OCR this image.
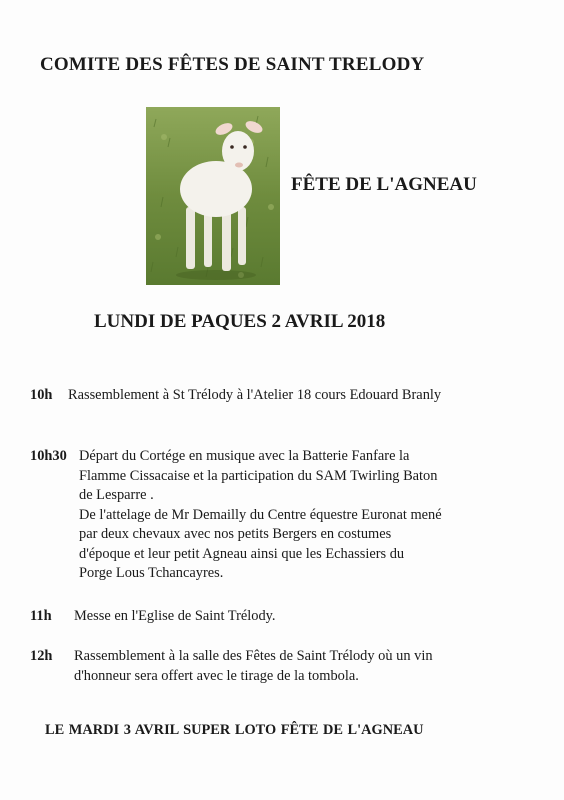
COMITE DES FÊTES DE SAINT TRELODY
FÊTE DE L'AGNEAU
LUNDI DE PAQUES 2 AVRIL 2018
10h Rassemblement à St Trélody à l'Atelier 18 cours Edouard Branly
10h30 Départ du Cortége en musique avec la Batterie Fanfare la
Flamme Cissacaise et la participation du SAM Twirling Baton
de Lesparre .
De l'attelage de Mr Demailly du Centre équestre Euronat mené
par deux chevaux avec nos petits Bergers en costumes
d'époque et leur petit Agneau ainsi que les Echassiers du
Porge Lous Tchancayres.
11h Messe en l'Eglise de Saint Trélody.
12h Rassemblement à la salle des Fêtes de Saint Trélody où un vin
d'honneur sera offert avec le tirage de la tombola.
LE MARDI 3 AVRIL SUPER LOTO FÊTE DE L'AGNEAU
